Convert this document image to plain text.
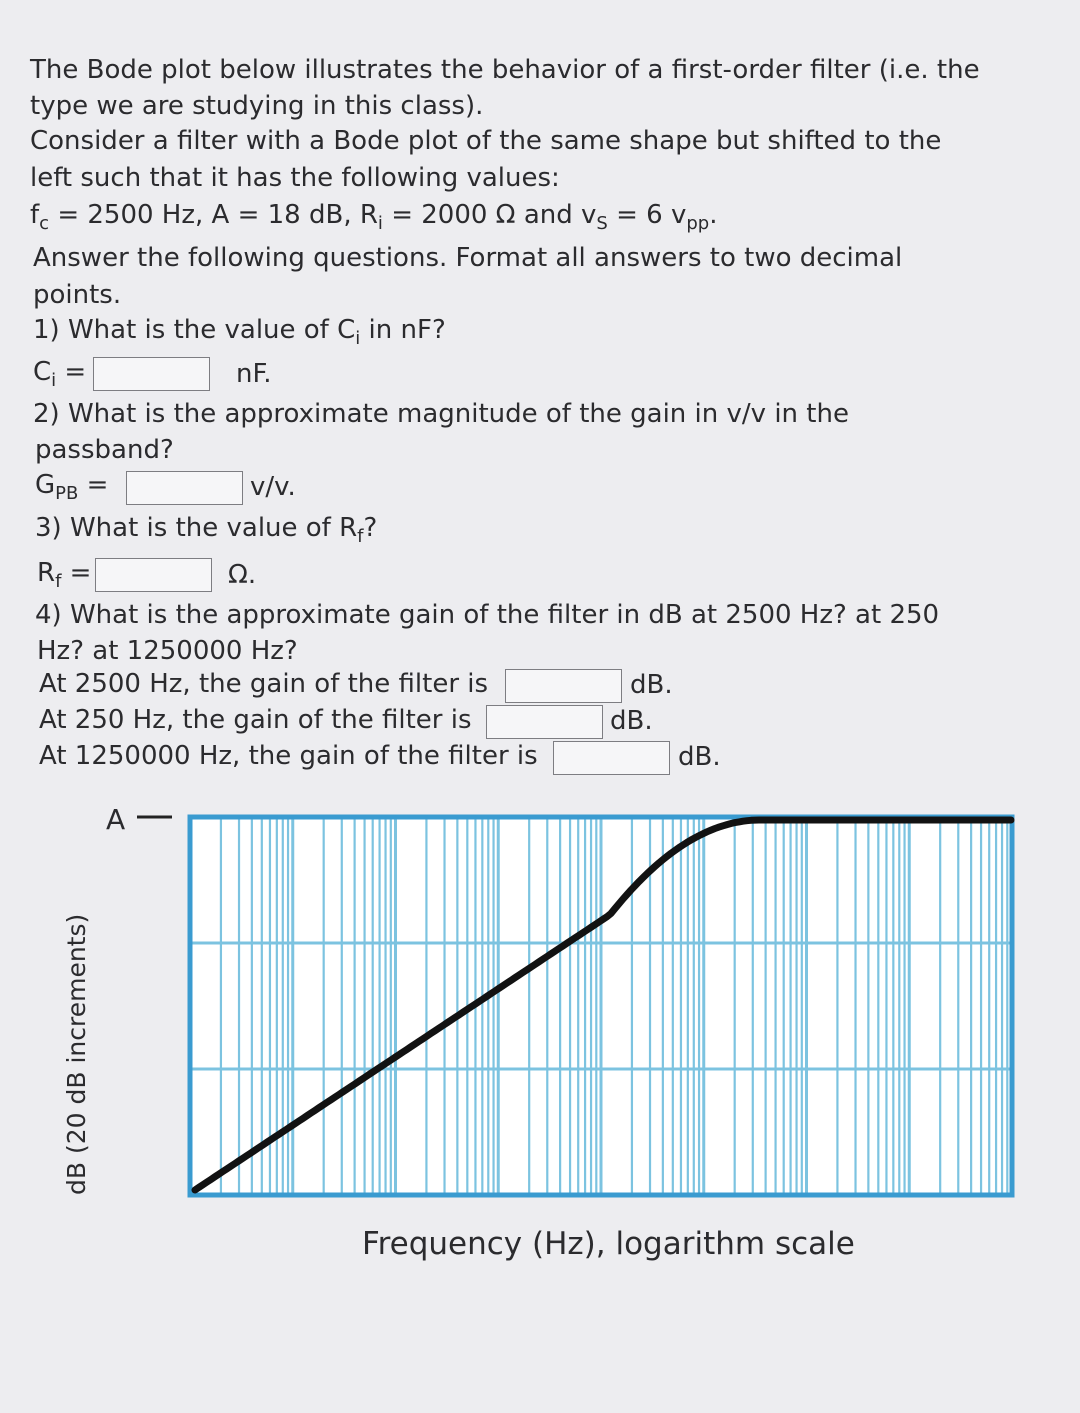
The Bode plot below illustrates the behavior of a first-order filter (i.e. the
type we are studying in this class).
Consider a filter with a Bode plot of the same shape but shifted to the
left such that it has the following values:
$f_c = 2500$ Hz, A = 18 dB, $R_i = 2000$ Ω and $v_S = 6$ $v_{pp}$.
Answer the following questions. Format all answers to two decimal
points.
1) What is the value of $C_i$ in nF?
$C_i$ =	nF.
2) What is the approximate magnitude of the gain in v/v in the
passband?
$G_{PB}$ =	v/v.
3) What is the value of $R_f$?
$R_f$ =	Ω.
4) What is the approximate gain of the filter in dB at 2500 Hz? at 250
Hz? at 1250000 Hz?
At 2500 Hz, the gain of the filter is	dB.
At 250 Hz, the gain of the filter is	dB.
At 1250000 Hz, the gain of the filter is	dB.
A
dB (20 dB increments)
Frequency (Hz), logarithm scale
